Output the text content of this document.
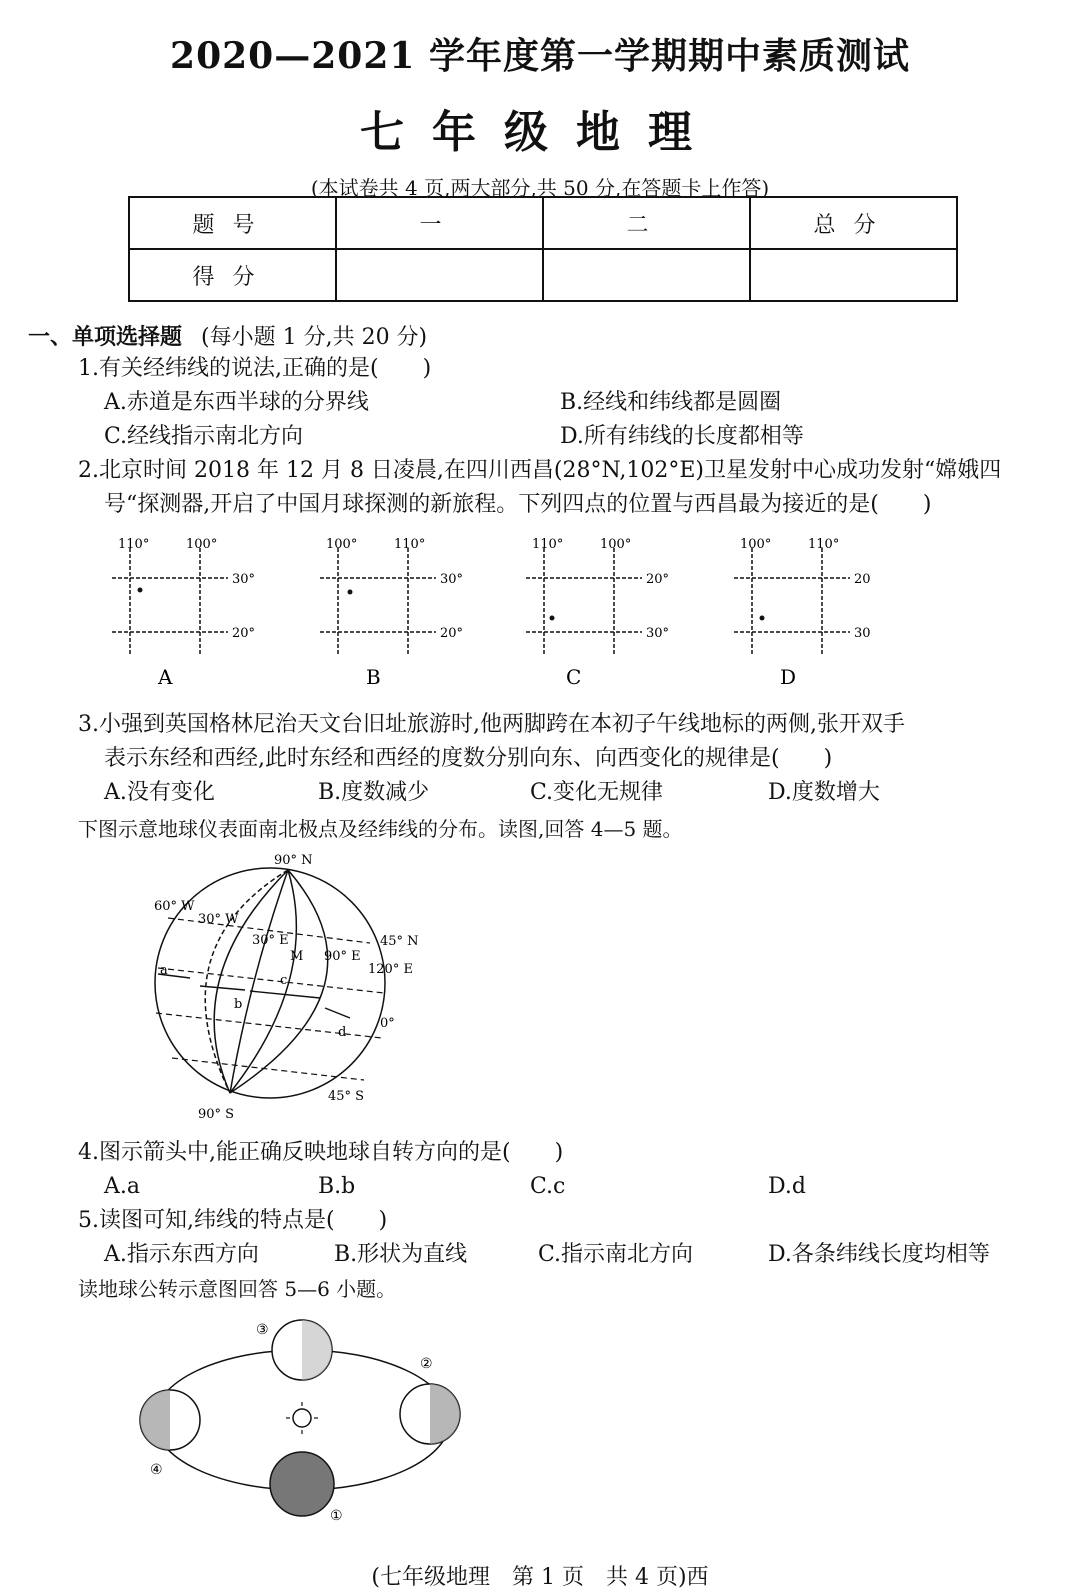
2020—2021 学年度第一学期期中素质测试
七年级地理
(本试卷共 4 页,两大部分,共 50 分,在答题卡上作答)
题号	一	二	总分
得分			
一、单项选择题 (每小题 1 分,共 20 分)
1.有关经纬线的说法,正确的是(　　)
A.赤道是东西半球的分界线	B.经线和纬线都是圆圈
C.经线指示南北方向	D.所有纬线的长度都相等
2.北京时间 2018 年 12 月 8 日凌晨,在四川西昌(28°N,102°E)卫星发射中心成功发射“嫦娥四
号“探测器,开启了中国月球探测的新旅程。下列四点的位置与西昌最为接近的是(　　)
110°	100°
30°
20°
A
100°	110°
30°
20°
B
110°	100°
20°
30°
C
100°	110°
20
30
D
3.小强到英国格林尼治天文台旧址旅游时,他两脚跨在本初子午线地标的两侧,张开双手
表示东经和西经,此时东经和西经的度数分别向东、向西变化的规律是(　　)
A.没有变化	B.度数减少	C.变化无规律	D.度数增大
下图示意地球仪表面南北极点及经纬线的分布。读图,回答 4—5 题。
90° N
90° S
60° W
30° W
30° E
90° E
120° E
45° N
0°
45° S
M
a
b
c
d
4.图示箭头中,能正确反映地球自转方向的是(　　)
A.a	B.b	C.c	D.d
5.读图可知,纬线的特点是(　　)
A.指示东西方向	B.形状为直线	C.指示南北方向	D.各条纬线长度均相等
读地球公转示意图回答 5—6 小题。
③
④
①
②
(七年级地理　第 1 页　共 4 页)西
